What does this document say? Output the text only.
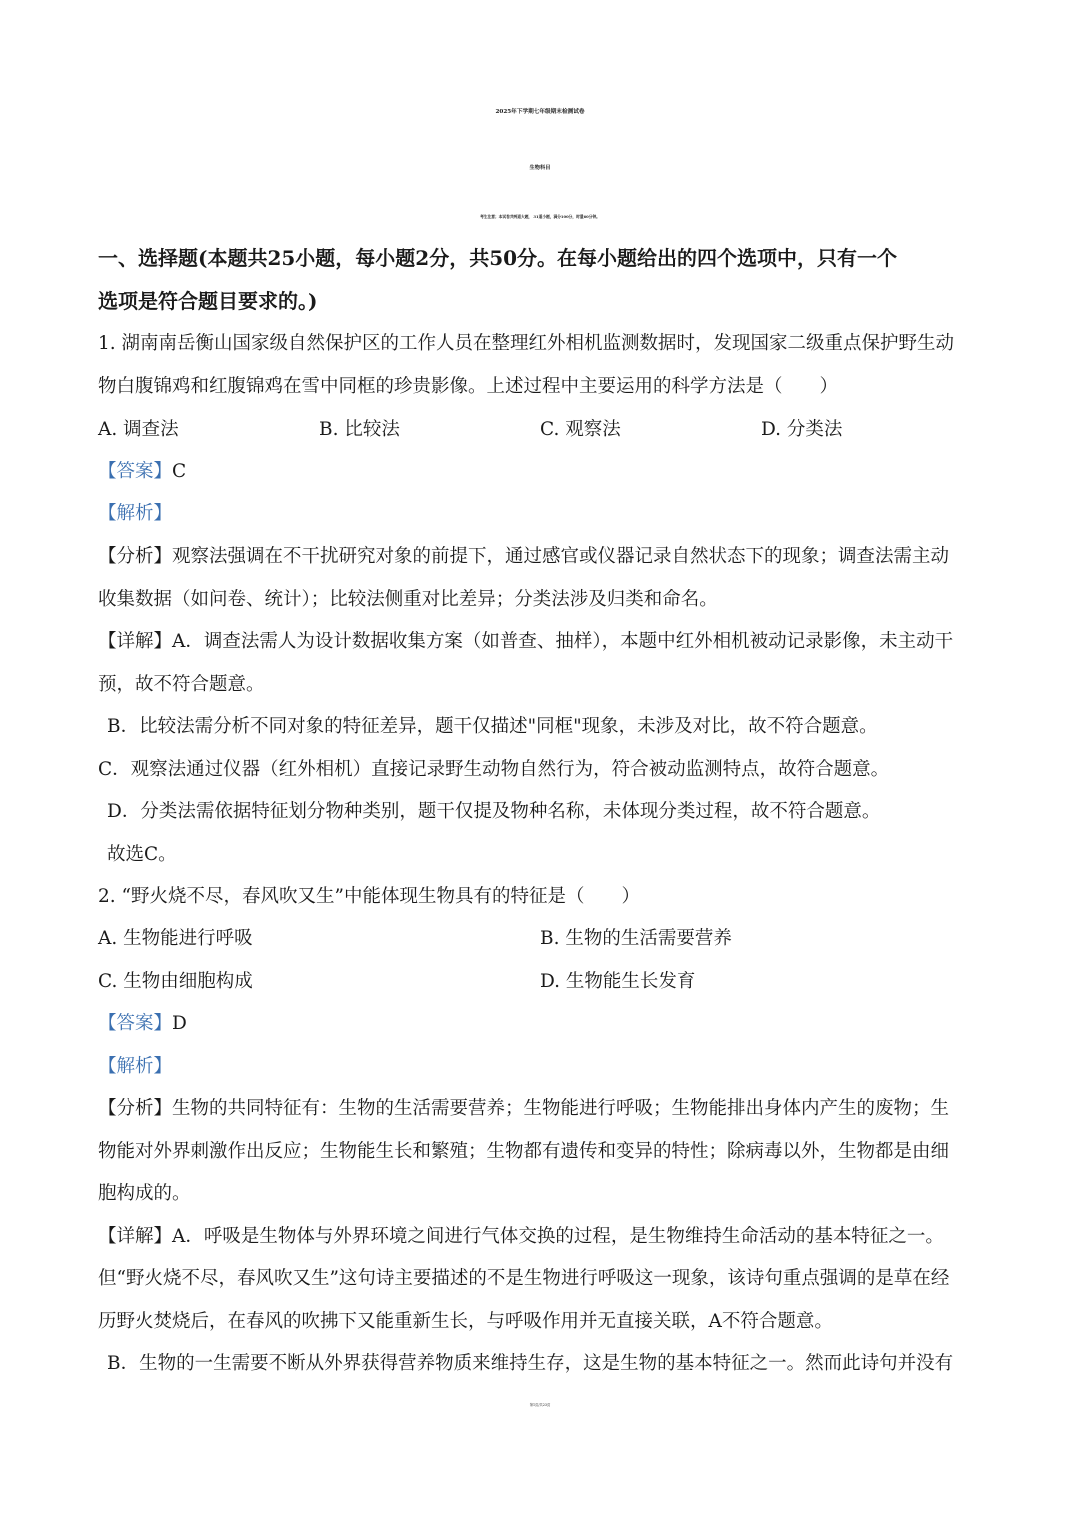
2025年下学期七年级期末检测试卷
生物科目
考生注意；本试卷共两道大题， 31道小题，满分100分，时量60分钟。
一、选择题(本题共25小题，每小题2分，共50分。在每小题给出的四个选项中，只有一个
选项是符合题目要求的。)
1. 湖南南岳衡山国家级自然保护区的工作人员在整理红外相机监测数据时，发现国家二级重点保护野生动
物白腹锦鸡和红腹锦鸡在雪中同框的珍贵影像。上述过程中主要运用的科学方法是（　　）
A. 调查法	B. 比较法	C. 观察法	D. 分类法
【答案】C
【解析】
【分析】观察法强调在不干扰研究对象的前提下，通过感官或仪器记录自然状态下的现象；调查法需主动
收集数据（如问卷、统计）；比较法侧重对比差异；分类法涉及归类和命名。
【详解】A．调查法需人为设计数据收集方案（如普查、抽样），本题中红外相机被动记录影像，未主动干
预，故不符合题意。
B．比较法需分析不同对象的特征差异，题干仅描述"同框"现象，未涉及对比，故不符合题意。
C．观察法通过仪器（红外相机）直接记录野生动物自然行为，符合被动监测特点，故符合题意。
D．分类法需依据特征划分物种类别，题干仅提及物种名称，未体现分类过程，故不符合题意。
故选C。
2. “野火烧不尽，春风吹又生”中能体现生物具有的特征是（　　）
A. 生物能进行呼吸	B. 生物的生活需要营养
C. 生物由细胞构成	D. 生物能生长发育
【答案】D
【解析】
【分析】生物的共同特征有：生物的生活需要营养；生物能进行呼吸；生物能排出身体内产生的废物；生
物能对外界刺激作出反应；生物能生长和繁殖；生物都有遗传和变异的特性；除病毒以外，生物都是由细
胞构成的。
【详解】A．呼吸是生物体与外界环境之间进行气体交换的过程，是生物维持生命活动的基本特征之一。
但“野火烧不尽，春风吹又生”这句诗主要描述的不是生物进行呼吸这一现象，该诗句重点强调的是草在经
历野火焚烧后，在春风的吹拂下又能重新生长，与呼吸作用并无直接关联，A不符合题意。
B．生物的一生需要不断从外界获得营养物质来维持生存，这是生物的基本特征之一。然而此诗句并没有
第1页/共23页
